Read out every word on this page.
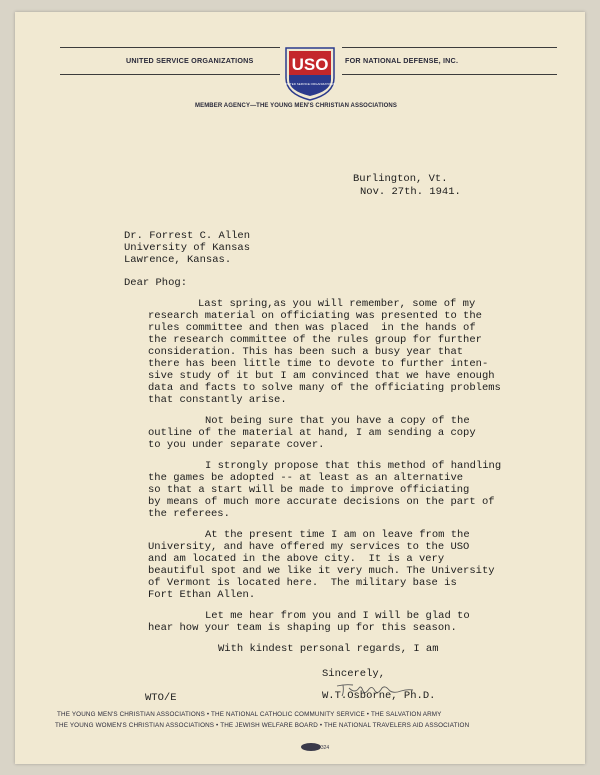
UNITED SERVICE ORGANIZATIONS	FOR NATIONAL DEFENSE, INC.
USO
UNITED SERVICE ORGANIZATIONS
MEMBER AGENCY—THE YOUNG MEN'S CHRISTIAN ASSOCIATIONS
Burlington, Vt.
Nov. 27th. 1941.
Dr. Forrest C. Allen
University of Kansas
Lawrence, Kansas.
Dear Phog:
Last spring,as you will remember, some of my
research material on officiating was presented to the
rules committee and then was placed  in the hands of
the research committee of the rules group for further
consideration. This has been such a busy year that
there has been little time to devote to further inten-
sive study of it but I am convinced that we have enough
data and facts to solve many of the officiating problems
that constantly arise.
Not being sure that you have a copy of the
outline of the material at hand, I am sending a copy
to you under separate cover.
I strongly propose that this method of handling
the games be adopted -- at least as an alternative
so that a start will be made to improve officiating
by means of much more accurate decisions on the part of
the referees.
At the present time I am on leave from the
University, and have offered my services to the USO
and am located in the above city.  It is a very
beautiful spot and we like it very much. The University
of Vermont is located here.  The military base is
Fort Ethan Allen.
Let me hear from you and I will be glad to
hear how your team is shaping up for this season.
With kindest personal regards, I am
Sincerely,
W.T.Osborne, Ph.D.
WTO/E
THE YOUNG MEN'S CHRISTIAN ASSOCIATIONS • THE NATIONAL CATHOLIC COMMUNITY SERVICE • THE SALVATION ARMY
THE YOUNG WOMEN'S CHRISTIAN ASSOCIATIONS • THE JEWISH WELFARE BOARD • THE NATIONAL TRAVELERS AID ASSOCIATION
324
